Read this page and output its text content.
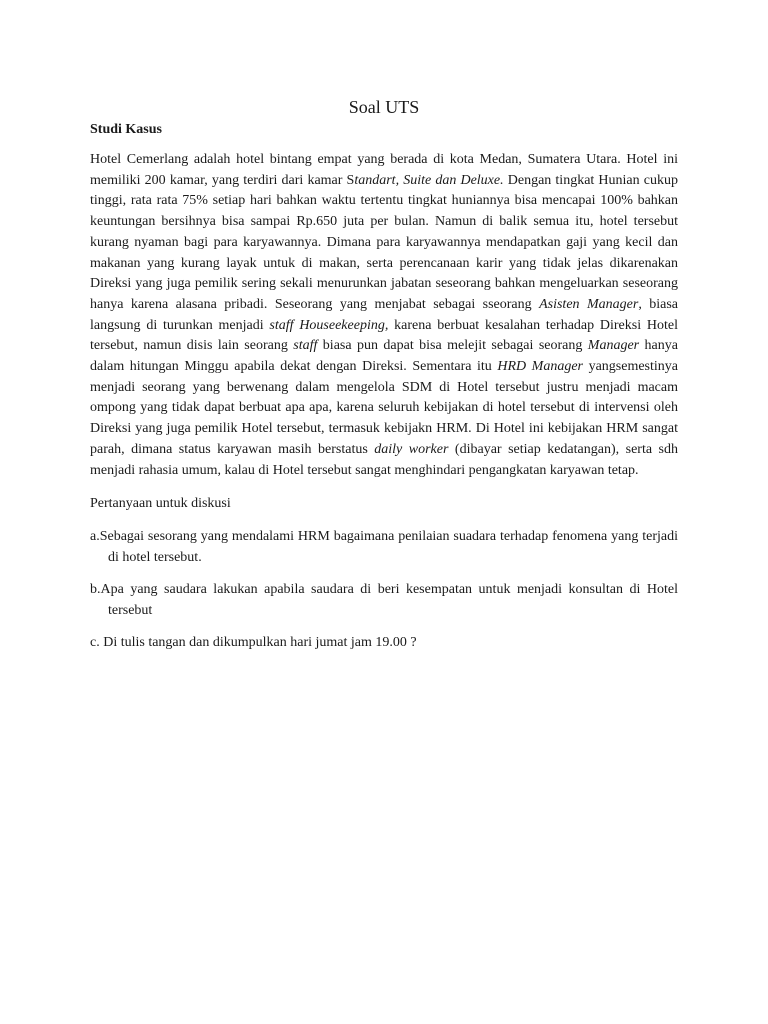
Soal UTS
Studi Kasus

Hotel Cemerlang adalah hotel bintang empat yang berada di kota Medan, Sumatera Utara. Hotel ini memiliki 200 kamar, yang terdiri dari kamar Standart, Suite dan Deluxe. Dengan tingkat Hunian cukup tinggi, rata rata 75% setiap hari bahkan waktu tertentu tingkat huniannya bisa mencapai 100% bahkan keuntungan bersihnya bisa sampai Rp.650 juta per bulan. Namun di balik semua itu, hotel tersebut kurang nyaman bagi para karyawannya. Dimana para karyawannya mendapatkan gaji yang kecil dan makanan yang kurang layak untuk di makan, serta perencanaan karir yang tidak jelas dikarenakan Direksi yang juga pemilik sering sekali menurunkan jabatan seseorang bahkan mengeluarkan seseorang hanya karena alasana pribadi. Seseorang yang menjabat sebagai sseorang Asisten Manager, biasa langsung di turunkan menjadi staff Houseekeeping, karena berbuat kesalahan terhadap Direksi Hotel tersebut, namun disis lain seorang staff biasa pun dapat bisa melejit sebagai seorang Manager hanya dalam hitungan Minggu apabila dekat dengan Direksi. Sementara itu HRD Manager yangsemestinya menjadi seorang yang berwenang dalam mengelola SDM di Hotel tersebut justru menjadi macam ompong yang tidak dapat berbuat apa apa, karena seluruh kebijakan di hotel tersebut di intervensi oleh Direksi yang juga pemilik Hotel tersebut, termasuk kebijakn HRM. Di Hotel ini kebijakan HRM sangat parah, dimana status karyawan masih berstatus daily worker (dibayar setiap kedatangan), serta sdh menjadi rahasia umum, kalau di Hotel tersebut sangat menghindari pengangkatan karyawan tetap.

Pertanyaan untuk diskusi
a.Sebagai sesorang yang mendalami HRM bagaimana penilaian suadara terhadap fenomena yang terjadi di hotel tersebut.
b.Apa yang saudara lakukan apabila saudara di beri kesempatan untuk menjadi konsultan di Hotel tersebut
c. Di tulis tangan dan dikumpulkan hari jumat jam 19.00 ?
